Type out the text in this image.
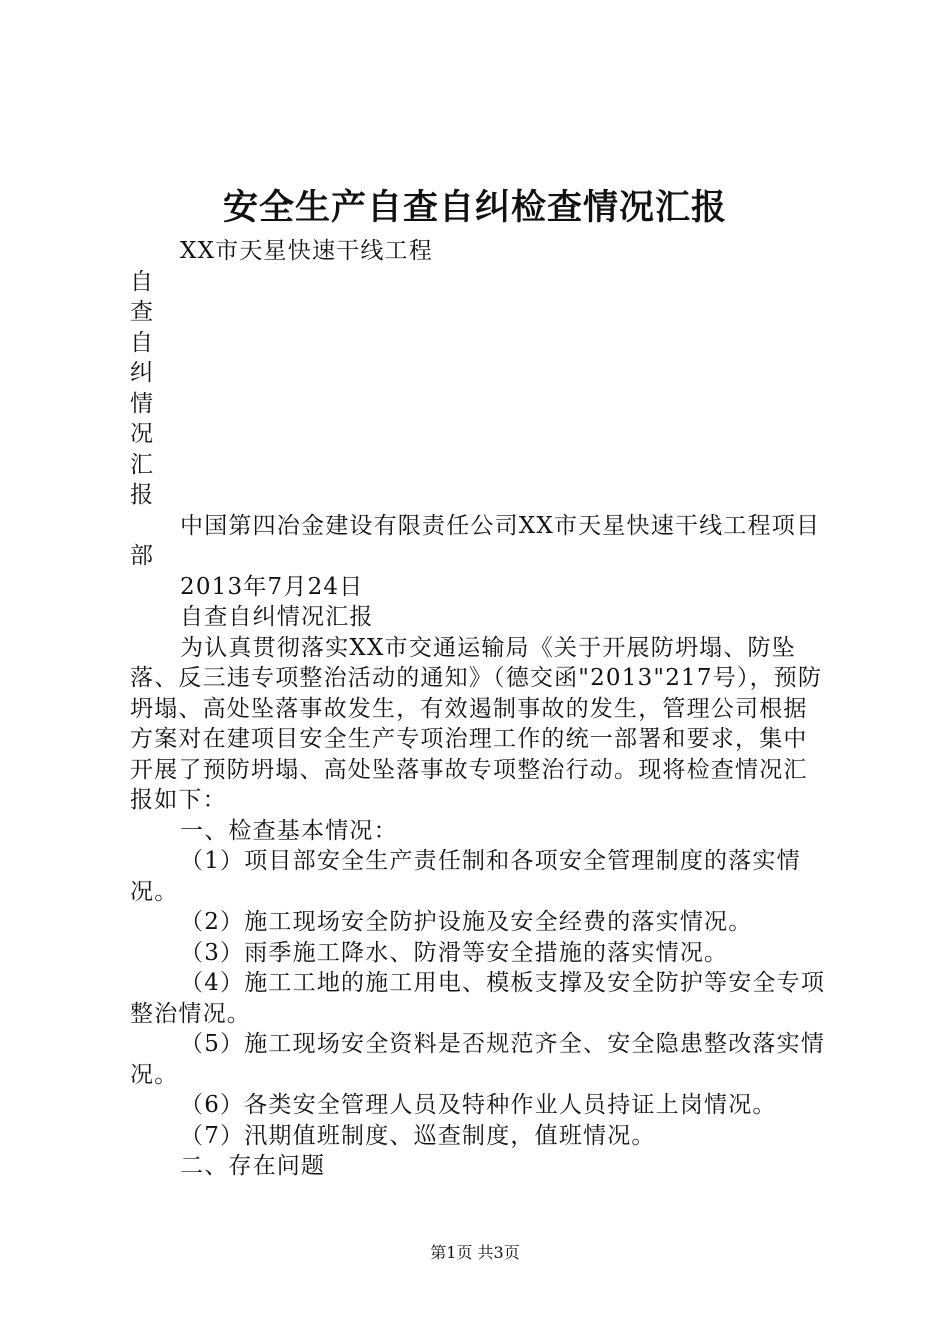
安全生产自查自纠检查情况汇报

XX市天星快速干线工程

自

查

自

纠

情

况

汇

报

中国第四冶金建设有限责任公司XX市天星快速干线工程项目部

2013年7月24日

自查自纠情况汇报

为认真贯彻落实XX市交通运输局《关于开展防坍塌、防坠落、反三违专项整治活动的通知》（德交函"2013"217号），预防坍塌、高处坠落事故发生，有效遏制事故的发生，管理公司根据方案对在建项目安全生产专项治理工作的统一部署和要求，集中开展了预防坍塌、高处坠落事故专项整治行动。现将检查情况汇报如下：

一、检查基本情况：

（1）项目部安全生产责任制和各项安全管理制度的落实情况。

（2）施工现场安全防护设施及安全经费的落实情况。

（3）雨季施工降水、防滑等安全措施的落实情况。

（4）施工工地的施工用电、模板支撑及安全防护等安全专项整治情况。

（5）施工现场安全资料是否规范齐全、安全隐患整改落实情况。

（6）各类安全管理人员及特种作业人员持证上岗情况。

（7）汛期值班制度、巡查制度，值班情况。

二、存在问题

第1页 共3页
